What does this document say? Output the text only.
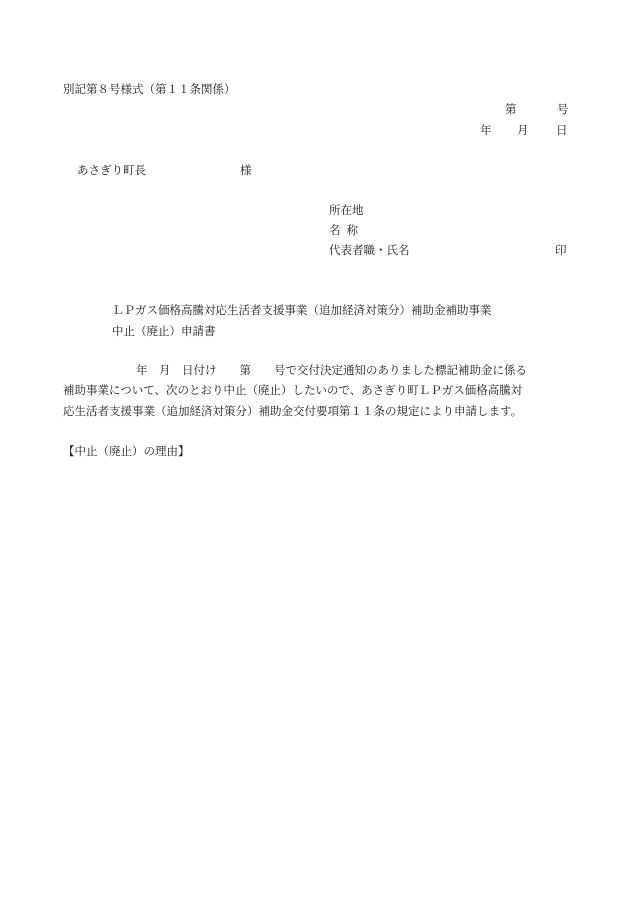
別記第８号様式（第１１条関係）
第	号
年 月 日
あさぎり町長	様
所在地
名称
代表者職・氏名	印
ＬＰガス価格高騰対応生活者支援事業（追加経済対策分）補助金補助事業
中止（廃止）申請書
年　月　日付け　　第　　号で交付決定通知のありました標記補助金に係る
補助事業について、次のとおり中止（廃止）したいので、あさぎり町ＬＰガス価格高騰対
応生活者支援事業（追加経済対策分）補助金交付要項第１１条の規定により申請します。
【中止（廃止）の理由】
